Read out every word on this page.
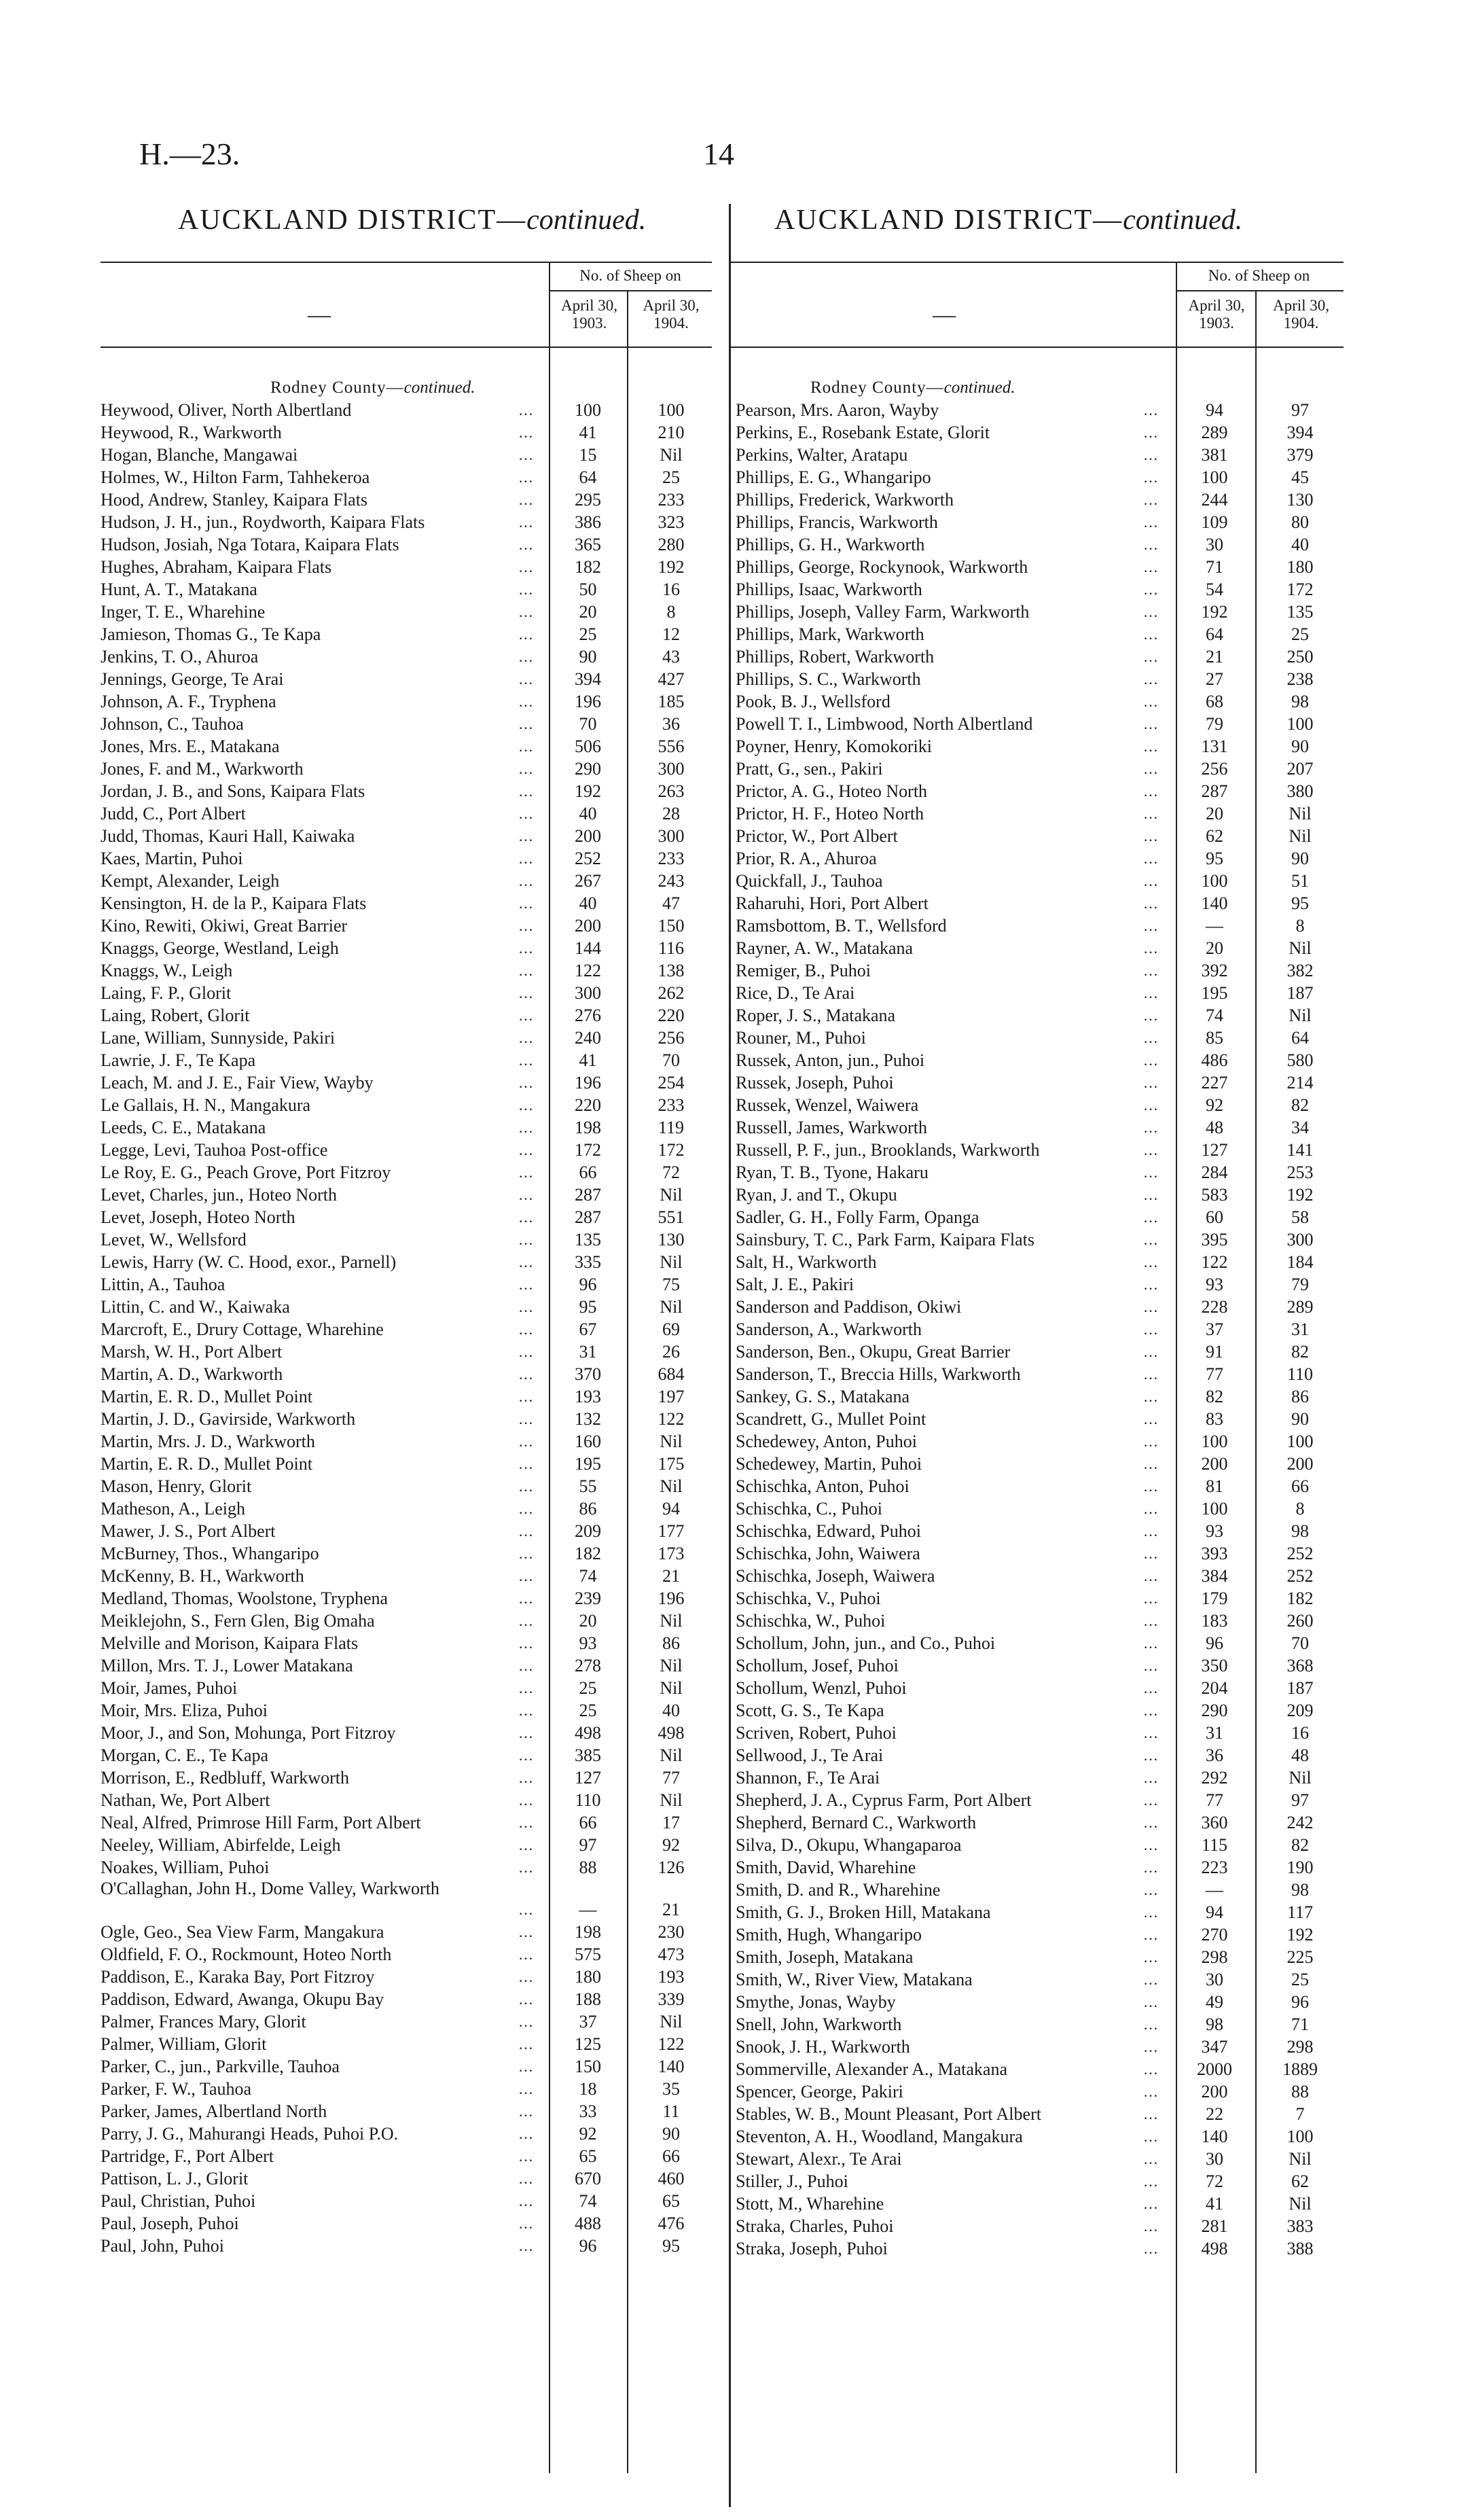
H.—23.	14
AUCKLAND DISTRICT—continued.	AUCKLAND DISTRICT—continued.
No. of Sheep on
April 30, 1903.
April 30, 1904.
—
Rodney County—continued.
Heywood, Oliver, North Albertland	…	100	100
Heywood, R., Warkworth	…	41	210
Hogan, Blanche, Mangawai	…	15	Nil
Holmes, W., Hilton Farm, Tahhekeroa	…	64	25
Hood, Andrew, Stanley, Kaipara Flats	…	295	233
Hudson, J. H., jun., Roydworth, Kaipara Flats	…	386	323
Hudson, Josiah, Nga Totara, Kaipara Flats	…	365	280
Hughes, Abraham, Kaipara Flats	…	182	192
Hunt, A. T., Matakana	…	50	16
Inger, T. E., Wharehine	…	20	8
Jamieson, Thomas G., Te Kapa	…	25	12
Jenkins, T. O., Ahuroa	…	90	43
Jennings, George, Te Arai	…	394	427
Johnson, A. F., Tryphena	…	196	185
Johnson, C., Tauhoa	…	70	36
Jones, Mrs. E., Matakana	…	506	556
Jones, F. and M., Warkworth	…	290	300
Jordan, J. B., and Sons, Kaipara Flats	…	192	263
Judd, C., Port Albert	…	40	28
Judd, Thomas, Kauri Hall, Kaiwaka	…	200	300
Kaes, Martin, Puhoi	…	252	233
Kempt, Alexander, Leigh	…	267	243
Kensington, H. de la P., Kaipara Flats	…	40	47
Kino, Rewiti, Okiwi, Great Barrier	…	200	150
Knaggs, George, Westland, Leigh	…	144	116
Knaggs, W., Leigh	…	122	138
Laing, F. P., Glorit	…	300	262
Laing, Robert, Glorit	…	276	220
Lane, William, Sunnyside, Pakiri	…	240	256
Lawrie, J. F., Te Kapa	…	41	70
Leach, M. and J. E., Fair View, Wayby	…	196	254
Le Gallais, H. N., Mangakura	…	220	233
Leeds, C. E., Matakana	…	198	119
Legge, Levi, Tauhoa Post-office	…	172	172
Le Roy, E. G., Peach Grove, Port Fitzroy	…	66	72
Levet, Charles, jun., Hoteo North	…	287	Nil
Levet, Joseph, Hoteo North	…	287	551
Levet, W., Wellsford	…	135	130
Lewis, Harry (W. C. Hood, exor., Parnell)	…	335	Nil
Littin, A., Tauhoa	…	96	75
Littin, C. and W., Kaiwaka	…	95	Nil
Marcroft, E., Drury Cottage, Wharehine	…	67	69
Marsh, W. H., Port Albert	…	31	26
Martin, A. D., Warkworth	…	370	684
Martin, E. R. D., Mullet Point	…	193	197
Martin, J. D., Gavirside, Warkworth	…	132	122
Martin, Mrs. J. D., Warkworth	…	160	Nil
Martin, E. R. D., Mullet Point	…	195	175
Mason, Henry, Glorit	…	55	Nil
Matheson, A., Leigh	…	86	94
Mawer, J. S., Port Albert	…	209	177
McBurney, Thos., Whangaripo	…	182	173
McKenny, B. H., Warkworth	…	74	21
Medland, Thomas, Woolstone, Tryphena	…	239	196
Meiklejohn, S., Fern Glen, Big Omaha	…	20	Nil
Melville and Morison, Kaipara Flats	…	93	86
Millon, Mrs. T. J., Lower Matakana	…	278	Nil
Moir, James, Puhoi	…	25	Nil
Moir, Mrs. Eliza, Puhoi	…	25	40
Moor, J., and Son, Mohunga, Port Fitzroy	…	498	498
Morgan, C. E., Te Kapa	…	385	Nil
Morrison, E., Redbluff, Warkworth	…	127	77
Nathan, We, Port Albert	…	110	Nil
Neal, Alfred, Primrose Hill Farm, Port Albert	…	66	17
Neeley, William, Abirfelde, Leigh	…	97	92
Noakes, William, Puhoi	…	88	126
O'Callaghan, John H., Dome Valley, Warkworth
…	—	21
Ogle, Geo., Sea View Farm, Mangakura	…	198	230
Oldfield, F. O., Rockmount, Hoteo North	…	575	473
Paddison, E., Karaka Bay, Port Fitzroy	…	180	193
Paddison, Edward, Awanga, Okupu Bay	…	188	339
Palmer, Frances Mary, Glorit	…	37	Nil
Palmer, William, Glorit	…	125	122
Parker, C., jun., Parkville, Tauhoa	…	150	140
Parker, F. W., Tauhoa	…	18	35
Parker, James, Albertland North	…	33	11
Parry, J. G., Mahurangi Heads, Puhoi P.O.	…	92	90
Partridge, F., Port Albert	…	65	66
Pattison, L. J., Glorit	…	670	460
Paul, Christian, Puhoi	…	74	65
Paul, Joseph, Puhoi	…	488	476
Paul, John, Puhoi	…	96	95
No. of Sheep on
April 30, 1903.
April 30, 1904.
—
Rodney County—continued.
Pearson, Mrs. Aaron, Wayby	…	94	97
Perkins, E., Rosebank Estate, Glorit	…	289	394
Perkins, Walter, Aratapu	…	381	379
Phillips, E. G., Whangaripo	…	100	45
Phillips, Frederick, Warkworth	…	244	130
Phillips, Francis, Warkworth	…	109	80
Phillips, G. H., Warkworth	…	30	40
Phillips, George, Rockynook, Warkworth	…	71	180
Phillips, Isaac, Warkworth	…	54	172
Phillips, Joseph, Valley Farm, Warkworth	…	192	135
Phillips, Mark, Warkworth	…	64	25
Phillips, Robert, Warkworth	…	21	250
Phillips, S. C., Warkworth	…	27	238
Pook, B. J., Wellsford	…	68	98
Powell T. I., Limbwood, North Albertland	…	79	100
Poyner, Henry, Komokoriki	…	131	90
Pratt, G., sen., Pakiri	…	256	207
Prictor, A. G., Hoteo North	…	287	380
Prictor, H. F., Hoteo North	…	20	Nil
Prictor, W., Port Albert	…	62	Nil
Prior, R. A., Ahuroa	…	95	90
Quickfall, J., Tauhoa	…	100	51
Raharuhi, Hori, Port Albert	…	140	95
Ramsbottom, B. T., Wellsford	…	—	8
Rayner, A. W., Matakana	…	20	Nil
Remiger, B., Puhoi	…	392	382
Rice, D., Te Arai	…	195	187
Roper, J. S., Matakana	…	74	Nil
Rouner, M., Puhoi	…	85	64
Russek, Anton, jun., Puhoi	…	486	580
Russek, Joseph, Puhoi	…	227	214
Russek, Wenzel, Waiwera	…	92	82
Russell, James, Warkworth	…	48	34
Russell, P. F., jun., Brooklands, Warkworth	…	127	141
Ryan, T. B., Tyone, Hakaru	…	284	253
Ryan, J. and T., Okupu	…	583	192
Sadler, G. H., Folly Farm, Opanga	…	60	58
Sainsbury, T. C., Park Farm, Kaipara Flats	…	395	300
Salt, H., Warkworth	…	122	184
Salt, J. E., Pakiri	…	93	79
Sanderson and Paddison, Okiwi	…	228	289
Sanderson, A., Warkworth	…	37	31
Sanderson, Ben., Okupu, Great Barrier	…	91	82
Sanderson, T., Breccia Hills, Warkworth	…	77	110
Sankey, G. S., Matakana	…	82	86
Scandrett, G., Mullet Point	…	83	90
Schedewey, Anton, Puhoi	…	100	100
Schedewey, Martin, Puhoi	…	200	200
Schischka, Anton, Puhoi	…	81	66
Schischka, C., Puhoi	…	100	8
Schischka, Edward, Puhoi	…	93	98
Schischka, John, Waiwera	…	393	252
Schischka, Joseph, Waiwera	…	384	252
Schischka, V., Puhoi	…	179	182
Schischka, W., Puhoi	…	183	260
Schollum, John, jun., and Co., Puhoi	…	96	70
Schollum, Josef, Puhoi	…	350	368
Schollum, Wenzl, Puhoi	…	204	187
Scott, G. S., Te Kapa	…	290	209
Scriven, Robert, Puhoi	…	31	16
Sellwood, J., Te Arai	…	36	48
Shannon, F., Te Arai	…	292	Nil
Shepherd, J. A., Cyprus Farm, Port Albert	…	77	97
Shepherd, Bernard C., Warkworth	…	360	242
Silva, D., Okupu, Whangaparoa	…	115	82
Smith, David, Wharehine	…	223	190
Smith, D. and R., Wharehine	…	—	98
Smith, G. J., Broken Hill, Matakana	…	94	117
Smith, Hugh, Whangaripo	…	270	192
Smith, Joseph, Matakana	…	298	225
Smith, W., River View, Matakana	…	30	25
Smythe, Jonas, Wayby	…	49	96
Snell, John, Warkworth	…	98	71
Snook, J. H., Warkworth	…	347	298
Sommerville, Alexander A., Matakana	…	2000	1889
Spencer, George, Pakiri	…	200	88
Stables, W. B., Mount Pleasant, Port Albert	…	22	7
Steventon, A. H., Woodland, Mangakura	…	140	100
Stewart, Alexr., Te Arai	…	30	Nil
Stiller, J., Puhoi	…	72	62
Stott, M., Wharehine	…	41	Nil
Straka, Charles, Puhoi	…	281	383
Straka, Joseph, Puhoi	…	498	388
